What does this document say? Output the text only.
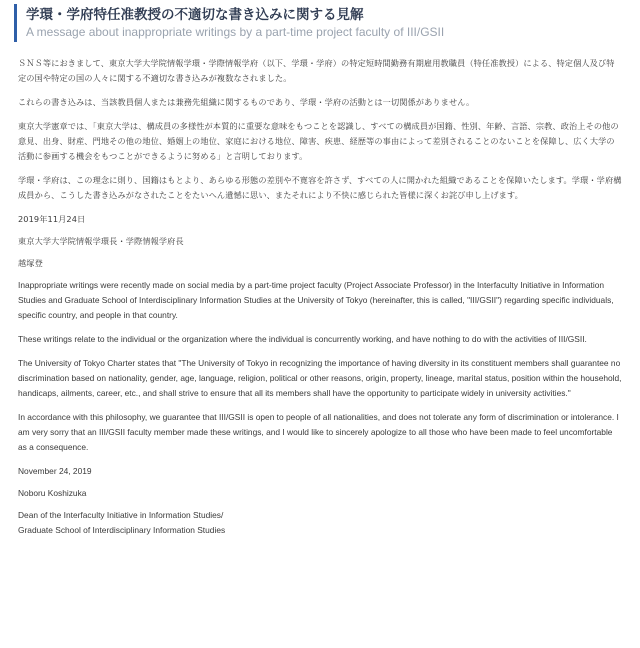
学環・学府特任准教授の不適切な書き込みに関する見解
A message about inappropriate writings by a part-time project faculty of III/GSII

ＳＮＳ等におきまして、東京大学大学院情報学環・学際情報学府（以下、学環・学府）の特定短時間勤務有期雇用教職員（特任准教授）による、特定個人及び特定の国や特定の国の人々に関する不適切な書き込みが複数なされました。

これらの書き込みは、当該教員個人または兼務先組織に関するものであり、学環・学府の活動とは一切関係がありません。

東京大学憲章では、「東京大学は、構成員の多様性が本質的に重要な意味をもつことを認識し、すべての構成員が国籍、性別、年齢、言語、宗教、政治上その他の意見、出身、財産、門地その他の地位、婚姻上の地位、家庭における地位、障害、疾患、経歴等の事由によって差別されることのないことを保障し、広く大学の活動に参画する機会をもつことができるように努める」と言明しております。

学環・学府は、この理念に則り、国籍はもとより、あらゆる形態の差別や不寛容を許さず、すべての人に開かれた組織であることを保障いたします。学環・学府構成員から、こうした書き込みがなされたことをたいへん遺憾に思い、またそれにより不快に感じられた皆様に深くお詫び申し上げます。

2019年11月24日

東京大学大学院情報学環長・学際情報学府長

越塚登

Inappropriate writings were recently made on social media by a part-time project faculty (Project Associate Professor) in the Interfaculty Initiative in Information Studies and Graduate School of Interdisciplinary Information Studies at the University of Tokyo (hereinafter, this is called, "III/GSII") regarding specific individuals, specific country, and people in that country.

These writings relate to the individual or the organization where the individual is concurrently working, and have nothing to do with the activities of III/GSII.

The University of Tokyo Charter states that "The University of Tokyo in recognizing the importance of having diversity in its constituent members shall guarantee no discrimination based on nationality, gender, age, language, religion, political or other reasons, origin, property, lineage, marital status, position within the household, handicaps, ailments, career, etc., and shall strive to ensure that all its members shall have the opportunity to participate widely in university activities."

In accordance with this philosophy, we guarantee that III/GSII is open to people of all nationalities, and does not tolerate any form of discrimination or intolerance. I am very sorry that an III/GSII faculty member made these writings, and I would like to sincerely apologize to all those who have been made to feel uncomfortable as a consequence.

November 24, 2019

Noboru Koshizuka

Dean of the Interfaculty Initiative in Information Studies/
Graduate School of Interdisciplinary Information Studies
